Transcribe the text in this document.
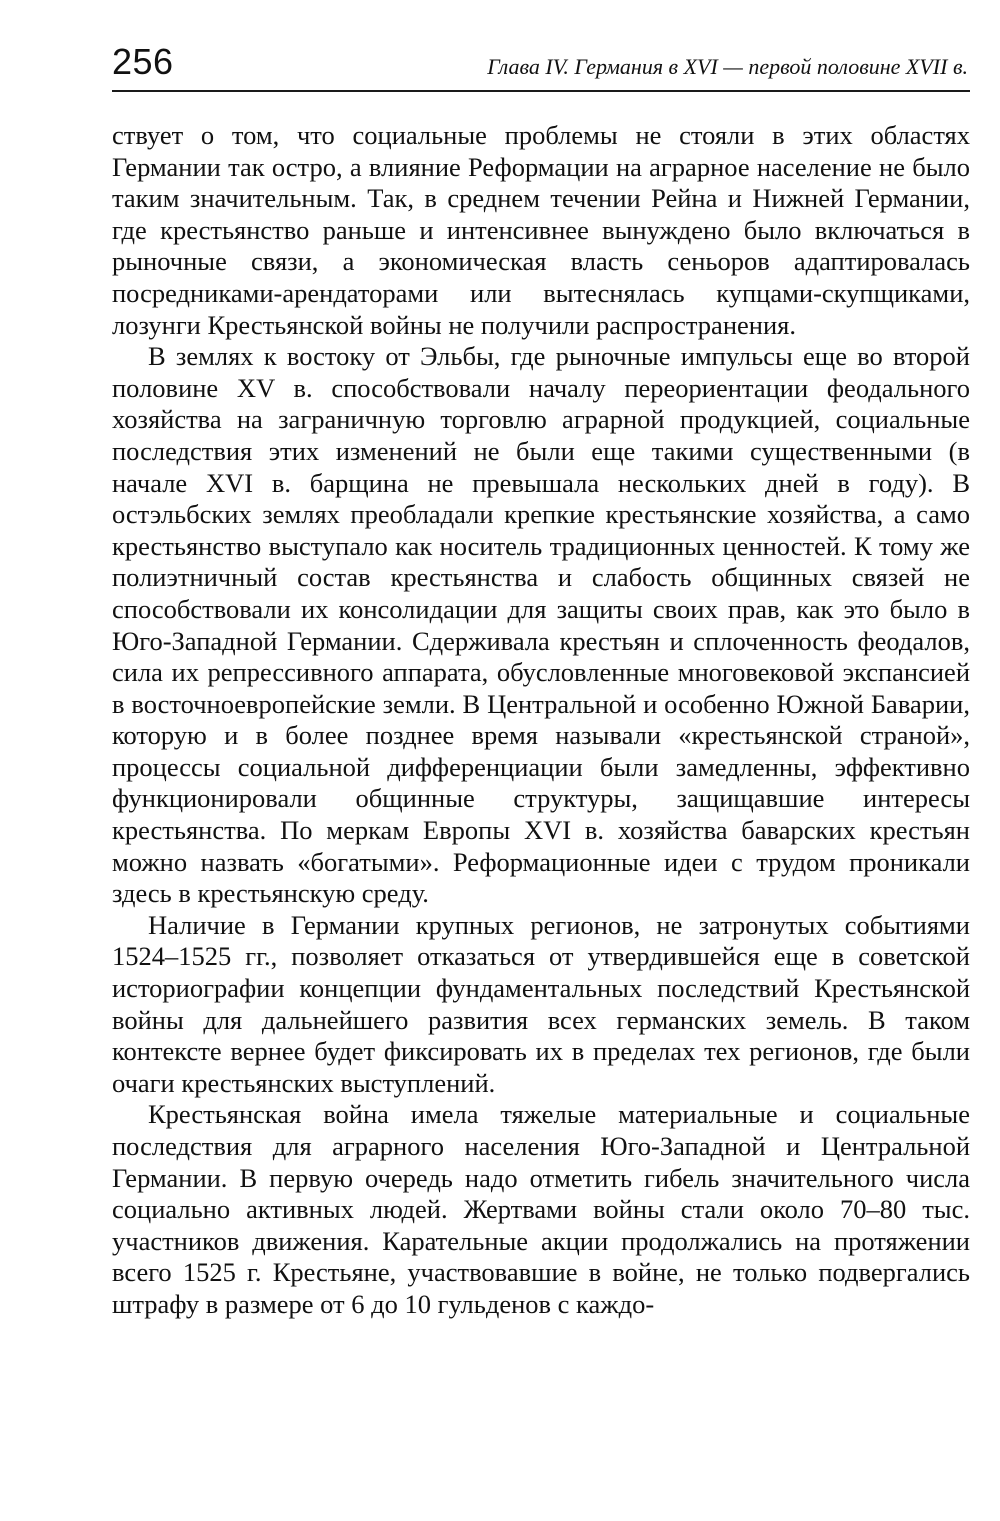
256	Глава IV. Германия в XVI — первой половине XVII в.

ствует о том, что социальные проблемы не стояли в этих областях Германии так остро, а влияние Реформации на аграрное население не было таким значительным. Так, в среднем течении Рейна и Нижней Германии, где крестьянство раньше и интенсивнее вынуждено было включаться в рыночные связи, а экономическая власть сеньоров адаптировалась посредниками-арендаторами или вытеснялась купцами-скупщиками, лозунги Крестьянской войны не получили распространения.

В землях к востоку от Эльбы, где рыночные импульсы еще во второй половине XV в. способствовали началу переориентации феодального хозяйства на заграничную торговлю аграрной продукцией, социальные последствия этих изменений не были еще такими существенными (в начале XVI в. барщина не превышала нескольких дней в году). В остэльбских землях преобладали крепкие крестьянские хозяйства, а само крестьянство выступало как носитель традиционных ценностей. К тому же полиэтничный состав крестьянства и слабость общинных связей не способствовали их консолидации для защиты своих прав, как это было в Юго-Западной Германии. Сдерживала крестьян и сплоченность феодалов, сила их репрессивного аппарата, обусловленные многовековой экспансией в восточноевропейские земли. В Центральной и особенно Южной Баварии, которую и в более позднее время называли «крестьянской страной», процессы социальной дифференциации были замедленны, эффективно функционировали общинные структуры, защищавшие интересы крестьянства. По меркам Европы XVI в. хозяйства баварских крестьян можно назвать «богатыми». Реформационные идеи с трудом проникали здесь в крестьянскую среду.

Наличие в Германии крупных регионов, не затронутых событиями 1524–1525 гг., позволяет отказаться от утвердившейся еще в советской историографии концепции фундаментальных последствий Крестьянской войны для дальнейшего развития всех германских земель. В таком контексте вернее будет фиксировать их в пределах тех регионов, где были очаги крестьянских выступлений.

Крестьянская война имела тяжелые материальные и социальные последствия для аграрного населения Юго-Западной и Центральной Германии. В первую очередь надо отметить гибель значительного числа социально активных людей. Жертвами войны стали около 70–80 тыс. участников движения. Карательные акции продолжались на протяжении всего 1525 г. Крестьяне, участвовавшие в войне, не только подвергались штрафу в размере от 6 до 10 гульденов с каждо-
